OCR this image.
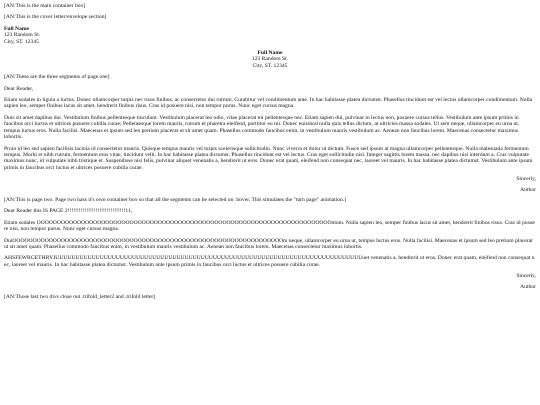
[AN:This is the main container box]

[AN:This is the cover letter/envelope section]

Full Name

123 Random St.

City, ST. 12345

Full Name

123 Random St.

City, ST. 12345

[AN:These are the three segments of page one]

Dear Reader,

Etiam sodales in ligula a luctus. Donec ullamcorper turpis nec risus finibus, ac consectetur dui rutrum. Curabitur vel condimentum ante. In hac habitasse platea dictumst. Phasellus tincidunt est vel lectus ullamcorper condimentum. Nulla sapien leo, semper finibus lacus sit amet, hendrerit finibus risus. Cras id posuere nisi, non tempor purus. Nunc eget cursus magna.

Duis sit amet dapibus dui. Vestibulum finibus pellentesque tincidunt. Vestibulum placerat leo odio, vitae placerat mi pellentesque nec. Etiam sapien dui, pulvinar in lectus non, posuere cursus tellus. Vestibulum ante ipsum primis in faucibus orci luctus et ultrices posuere cubilia curae; Pellentesque lorem mauris, rutrum et pharetra eleifend, porttitor eu mi. Donec euismod nulla quis tellus dictum, at ultricies massa sodales. Ut sem neque, ullamcorper eu urna ut, tempus luctus eros. Nulla facilisi. Maecenas et ipsum sed leo pretium placerat ut sit amet quam. Phasellus commodo faucibus enim, in vestibulum mauris vestibulum ac. Aenean non faucibus lorem. Maecenas consectetur maximus lobortis.

Proin id leo sed sapien facilisis lacinia id consectetur mauris. Quisque tempus mauris vel turpis scelerisque sollicitudin. Nunc viverra et dolor ut dictum. Fusce sed ipsum at magna ullamcorper pellentesque. Nulla malesuada fermentum tempus. Morbi et nibh rutrum, fermentum eros vitae, tincidunt velit. In hac habitasse platea dictumst. Phasellus tincidunt est vel lectus. Cras eget sollicitudin nisl. Integer sagittis lorem massa, nec dapibus nisi interdum a. Cras vulputate maximus nunc, id vulputate nibh tristique et. Suspendisse nisi felis, pulvinar aliquet venenatis a, hendrerit ut eros. Donec erat quam, eleifend non consequat nec, laoreet vel mauris. In hac habitasse platea dictumst. Vestibulum ante ipsum primis in faucibus orci luctus et ultrices posuere cubilia curae.

Sincerly,

Author

[AN:This is page two. Page two hass it's own container box so that all the segments can be selected on :hover. This simulates the "turn page" animation.]

Dear Reader this IS PAGE 2!!!!!!!!!!!!!!!!!!!!!!!!!!!!!!!11,

Etiam sodales OOOOOOOOOOOOOOOOOOOOOOOOOOOOOOOOOOOOOOOOOOOOOOOOOOOOOOOOOOOOOOOOOOOOOOOOOntum. Nulla sapien leo, semper finibus lacus sit amet, hendrerit finibus risus. Cras id posuere nisi, non tempor purus. Nunc eget cursus magna.

DuiOOOOOOOOOOOOOOOOOOOOOOOOOOOOOOOOOOOOOOOOOOOOOOOOOOOOOOOOOOOOOOOOOOOm neque, ullamcorper eu urna ut, tempus luctus eros. Nulla facilisi. Maecenas et ipsum sed leo pretium placerat ut sit amet quam. Phasellus commodo faucibus enim, in vestibulum mauris vestibulum ac. Aenean non faucibus lorem. Maecenas consectetur maximus lobortis.

AHSFEWRGETHRYJUUUUUUUUUUUUUUUUUUUUUUUUUUUUUUUUUUUUUUUUUUUUUUUUUUUUUUUUUUUUUUUUUUUUUUUUUUUUuet venenatis a, hendrerit ut eros. Donec erat quam, eleifend non consequat nec, laoreet vel mauris. In hac habitasse platea dictumst. Vestibulum ante ipsum primis in faucibus orci luctus et ultrices posuere cubilia curae.

Sincerly,

Author

[AN:Those last two divs close out .trifold_letter2 and .trifold letter]
